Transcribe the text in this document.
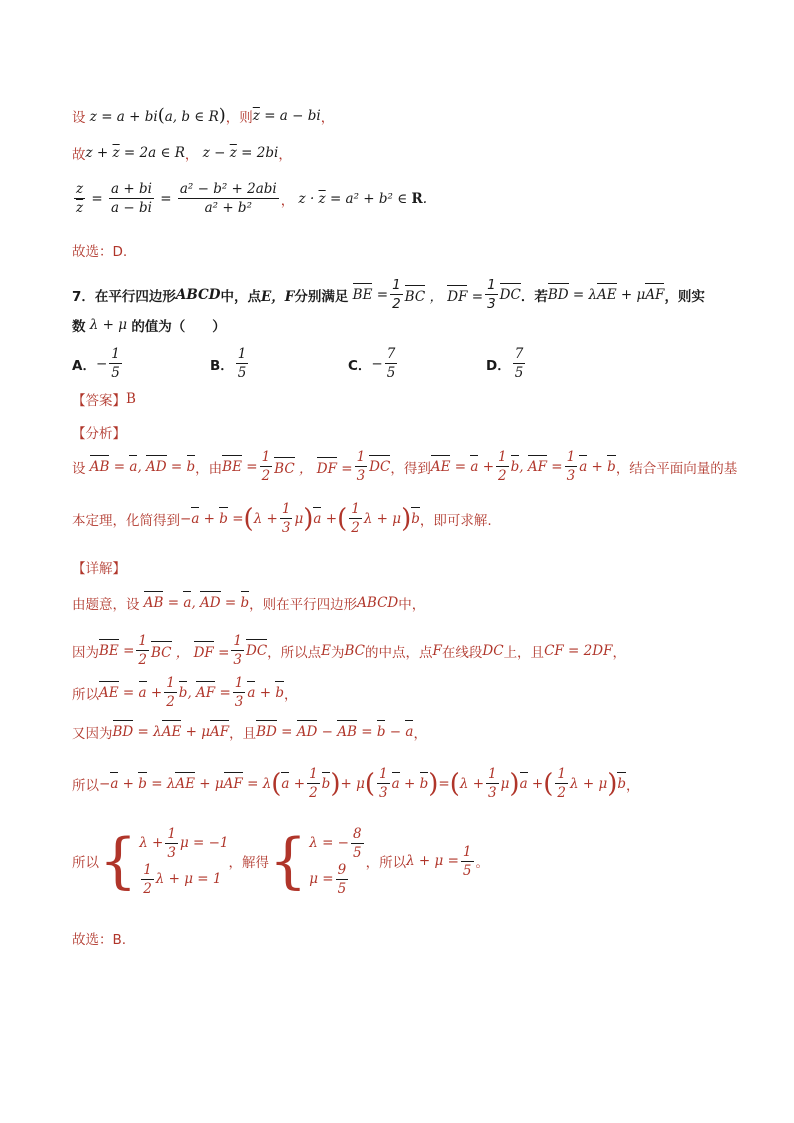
设 z = a + bi(a, b ∈ R) ，则 $\overline{z} = a$ − bi ，
故 $z + \overline{z} = 2a$ ∈ R ， $z - \overline{z} = 2bi$ ，
$\frac{z}{z} = \frac{a + bi}{a - bi} = \frac{\text{a² − b² + 2abi}}{\text{a² + b²}}$ ， $z \cdot \overline{z} = a^2 + b^2$ ∈ R.
故选：D.
7． 在平行四边形 ABCD 中，点 E，F 分别满足 BE = $\frac{1}{2}$ BC ， DF = $\frac{1}{3}$ DC ．若 BD = λAE + μAF ，则实
数 λ + μ 的值为（　　）
A． − $\frac{1}{5}$	B． $\frac{1}{5}$	C． − $\frac{7}{5}$	D． $\frac{7}{5}$
【答案】 B
【分析】
设 AB = a, AD = b ，由 BE = $\frac{1}{2}$ BC ， DF = $\frac{1}{3}$ DC ，得到 AE = $a + \frac{1}{2} b$, AF = $\frac{1}{3}$ a + b ，结合平面向量的基
本定理，化简得到 −a + b = ( $\lambda + \frac{1}{3}$ μ ) a + ( $\frac{1}{2}$ λ + μ ) b ，即可求解.
【详解】
由题意，设 AB = a, AD = b ，则在平行四边形 ABCD 中，
因为 BE = $\frac{1}{2}$ BC ， DF = $\frac{1}{3}$ DC ，所以点 E 为 BC 的中点，点 F 在线段 DC 上，且 CF = 2DF ，
所以 AE = $a + \frac{1}{2} b$, AF = $\frac{1}{3}$ a + b ，
又因为 BD = λAE + μAF ，且 BD = AD − AB = b − a ，
所以 −a + b = λAE + μAF = λ ( $a + \frac{1}{2}$ b ) + μ ( $\frac{1}{3}$ a + b ) = ( $\lambda + \frac{1}{3}$ μ ) a + ( $\frac{1}{2}$ λ + μ ) b ，
所以 { $\lambda + \frac{1}{3}$ μ = −1
$\frac{1}{2}$ λ + μ = 1
，解得 { λ = − $\frac{8}{5}$
$\mu = \frac{9}{5}$ ，所以 $\lambda + \mu = \frac{1}{5}$ 。
故选：B.
